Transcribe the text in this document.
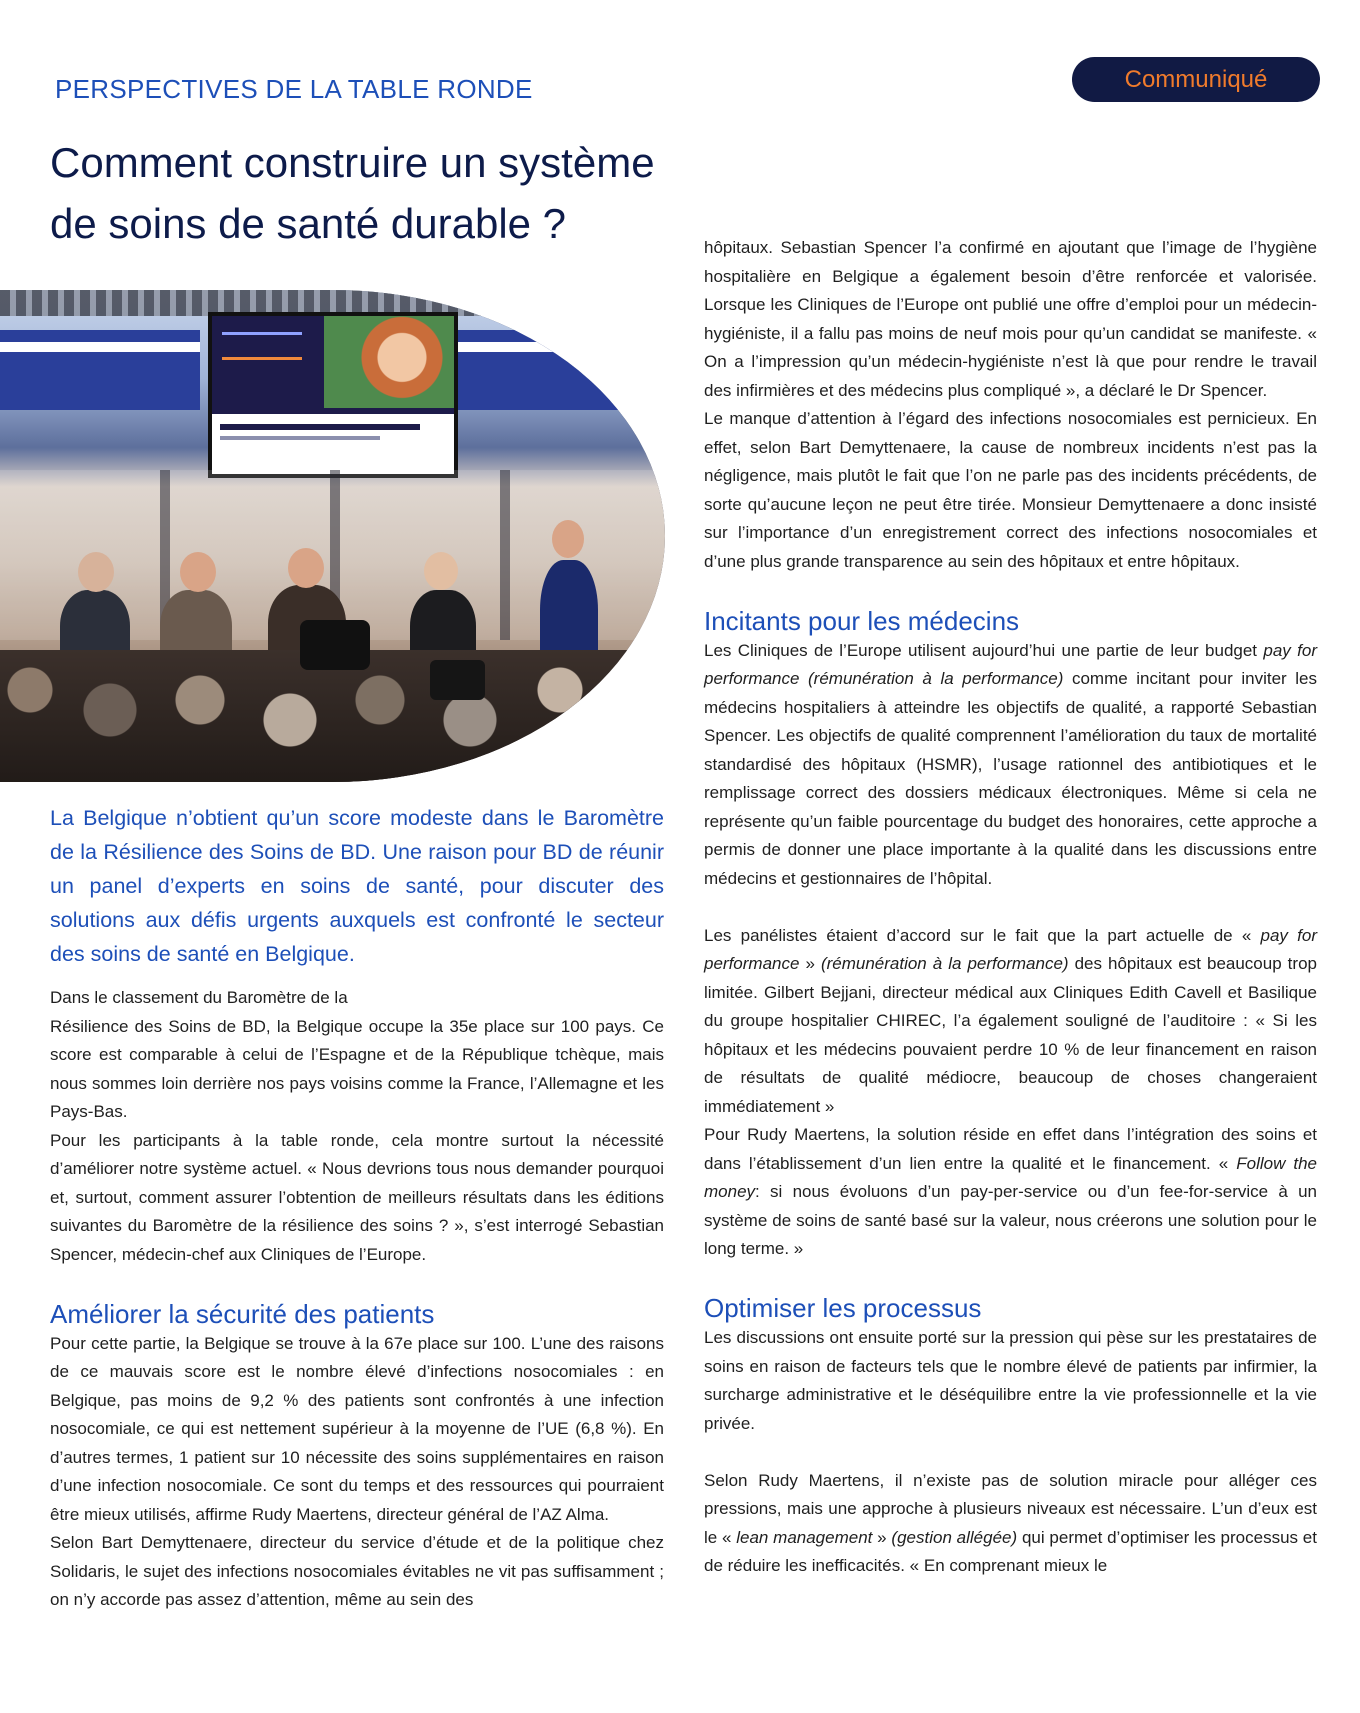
PERSPECTIVES DE LA TABLE RONDE	Communiqué
Comment construire un système
de soins de santé durable ?

La Belgique n’obtient qu’un score modeste dans le Baromètre de la Résilience des Soins de BD. Une raison pour BD de réunir un panel d’experts en soins de santé, pour discuter des solutions aux défis urgents auxquels est confronté le secteur des soins de santé en Belgique.

Dans le classement du Baromètre de la

Résilience des Soins de BD, la Belgique occupe la 35e place sur 100 pays. Ce score est comparable à celui de l’Espagne et de la République tchèque, mais nous sommes loin derrière nos pays voisins comme la France, l’Allemagne et les Pays-Bas.

Pour les participants à la table ronde, cela montre surtout la nécessité d’améliorer notre système actuel. « Nous devrions tous nous demander pourquoi et, surtout, comment assurer l’obtention de meilleurs résultats dans les éditions suivantes du Baromètre de la résilience des soins ? », s’est interrogé Sebastian Spencer, médecin-chef aux Cliniques de l’Europe.

Améliorer la sécurité des patients

Pour cette partie, la Belgique se trouve à la 67e place sur 100. L’une des raisons de ce mauvais score est le nombre élevé d’infections nosocomiales : en Belgique, pas moins de 9,2 % des patients sont confrontés à une infection nosocomiale, ce qui est nettement supérieur à la moyenne de l’UE (6,8 %). En d’autres termes, 1 patient sur 10 nécessite des soins supplémentaires en raison d’une infection nosocomiale. Ce sont du temps et des ressources qui pourraient être mieux utilisés, affirme Rudy Maertens, directeur général de l’AZ Alma.

Selon Bart Demyttenaere, directeur du service d’étude et de la politique chez Solidaris, le sujet des infections nosocomiales évitables ne vit pas suffisamment ; on n’y accorde pas assez d’attention, même au sein des

hôpitaux. Sebastian Spencer l’a confirmé en ajoutant que l’image de l’hygiène hospitalière en Belgique a également besoin d’être renforcée et valorisée. Lorsque les Cliniques de l’Europe ont publié une offre d’emploi pour un médecin-hygiéniste, il a fallu pas moins de neuf mois pour qu’un candidat se manifeste. « On a l’impression qu’un médecin-hygiéniste n’est là que pour rendre le travail des infirmières et des médecins plus compliqué », a déclaré le Dr Spencer.

Le manque d’attention à l’égard des infections nosocomiales est pernicieux. En effet, selon Bart Demyttenaere, la cause de nombreux incidents n’est pas la négligence, mais plutôt le fait que l’on ne parle pas des incidents précédents, de sorte qu’aucune leçon ne peut être tirée. Monsieur Demyttenaere a donc insisté sur l’importance d’un enregistrement correct des infections nosocomiales et d’une plus grande transparence au sein des hôpitaux et entre hôpitaux.

Incitants pour les médecins

Les Cliniques de l’Europe utilisent aujourd’hui une partie de leur budget pay for performance (rémunération à la performance) comme incitant pour inviter les médecins hospitaliers à atteindre les objectifs de qualité, a rapporté Sebastian Spencer. Les objectifs de qualité comprennent l’amélioration du taux de mortalité standardisé des hôpitaux (HSMR), l’usage rationnel des antibiotiques et le remplissage correct des dossiers médicaux électroniques. Même si cela ne représente qu’un faible pourcentage du budget des honoraires, cette approche a permis de donner une place importante à la qualité dans les discussions entre médecins et gestionnaires de l’hôpital.

Les panélistes étaient d’accord sur le fait que la part actuelle de « pay for performance » (rémunération à la performance) des hôpitaux est beaucoup trop limitée. Gilbert Bejjani, directeur médical aux Cliniques Edith Cavell et Basilique du groupe hospitalier CHIREC, l’a également souligné de l’auditoire : « Si les hôpitaux et les médecins pouvaient perdre 10 % de leur financement en raison de résultats de qualité médiocre, beaucoup de choses changeraient immédiatement »

Pour Rudy Maertens, la solution réside en effet dans l’intégration des soins et dans l’établissement d’un lien entre la qualité et le financement. « Follow the money: si nous évoluons d’un pay-per-service ou d’un fee-for-service à un système de soins de santé basé sur la valeur, nous créerons une solution pour le long terme. »

Optimiser les processus

Les discussions ont ensuite porté sur la pression qui pèse sur les prestataires de soins en raison de facteurs tels que le nombre élevé de patients par infirmier, la surcharge administrative et le déséquilibre entre la vie professionnelle et la vie privée.

Selon Rudy Maertens, il n’existe pas de solution miracle pour alléger ces pressions, mais une approche à plusieurs niveaux est nécessaire. L’un d’eux est le « lean management » (gestion allégée) qui permet d’optimiser les processus et de réduire les inefficacités. « En comprenant mieux le
